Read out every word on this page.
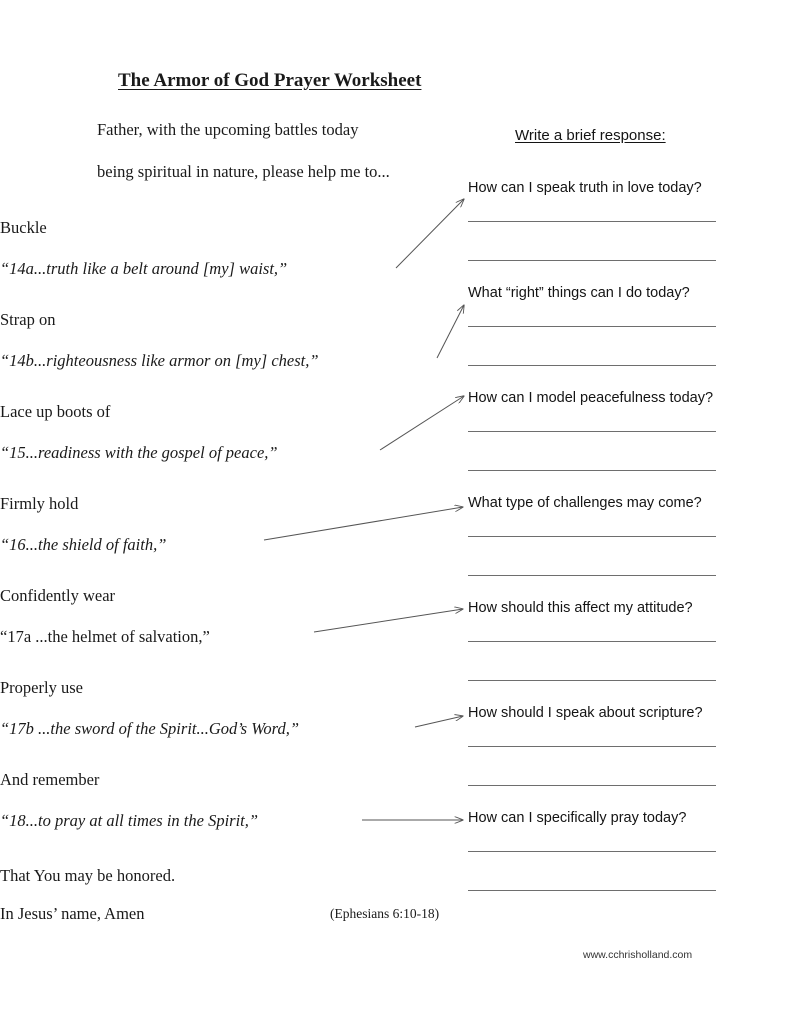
The Armor of God Prayer Worksheet
Father, with the upcoming battles today
being spiritual in nature, please help me to...
Buckle
“14a...truth like a belt around [my] waist,”
Strap on
“14b...righteousness like armor on [my] chest,”
Lace up boots of
“15...readiness with the gospel of peace,”
Firmly hold
“16...the shield of faith,”
Confidently wear
“17a ...the helmet of salvation,”
Properly use
“17b ...the sword of the Spirit...God’s Word,”
And remember
“18...to pray at all times in the Spirit,”
How can I speak truth in love today?
What “right” things can I do today?
How can I model peacefulness today?
What type of challenges may come?
How should this affect my attitude?
How should I speak about scripture?
How can I specifically pray today?
Write a brief response:
That You may be honored.
In Jesus’ name, Amen	(Ephesians 6:10-18)
www.cchrisholland.com
